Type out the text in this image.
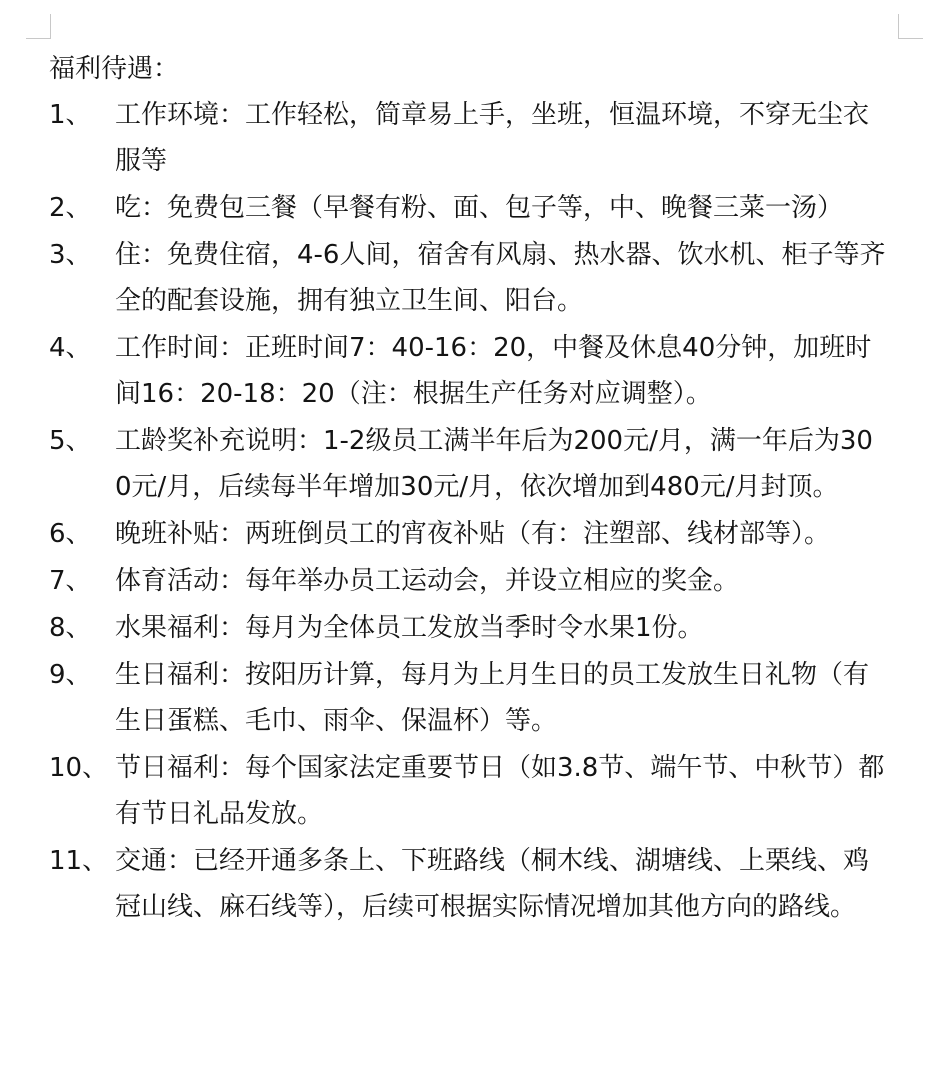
福利待遇：
1、 工作环境：工作轻松，简章易上手，坐班，恒温环境，不穿无尘衣服等
2、 吃：免费包三餐（早餐有粉、面、包子等，中、晚餐三菜一汤）
3、 住：免费住宿，4-6人间，宿舍有风扇、热水器、饮水机、柜子等齐全的配套设施，拥有独立卫生间、阳台。
4、 工作时间：正班时间7：40-16：20，中餐及休息40分钟，加班时间16：20-18：20（注：根据生产任务对应调整）。
5、 工龄奖补充说明：1-2级员工满半年后为200元/月，满一年后为300元/月，后续每半年增加30元/月，依次增加到480元/月封顶。
6、 晚班补贴：两班倒员工的宵夜补贴（有：注塑部、线材部等）。
7、 体育活动：每年举办员工运动会，并设立相应的奖金。
8、 水果福利：每月为全体员工发放当季时令水果1份。
9、 生日福利：按阳历计算，每月为上月生日的员工发放生日礼物（有生日蛋糕、毛巾、雨伞、保温杯）等。
10、 节日福利：每个国家法定重要节日（如3.8节、端午节、中秋节）都有节日礼品发放。
11、 交通：已经开通多条上、下班路线（桐木线、湖塘线、上栗线、鸡冠山线、麻石线等），后续可根据实际情况增加其他方向的路线。
